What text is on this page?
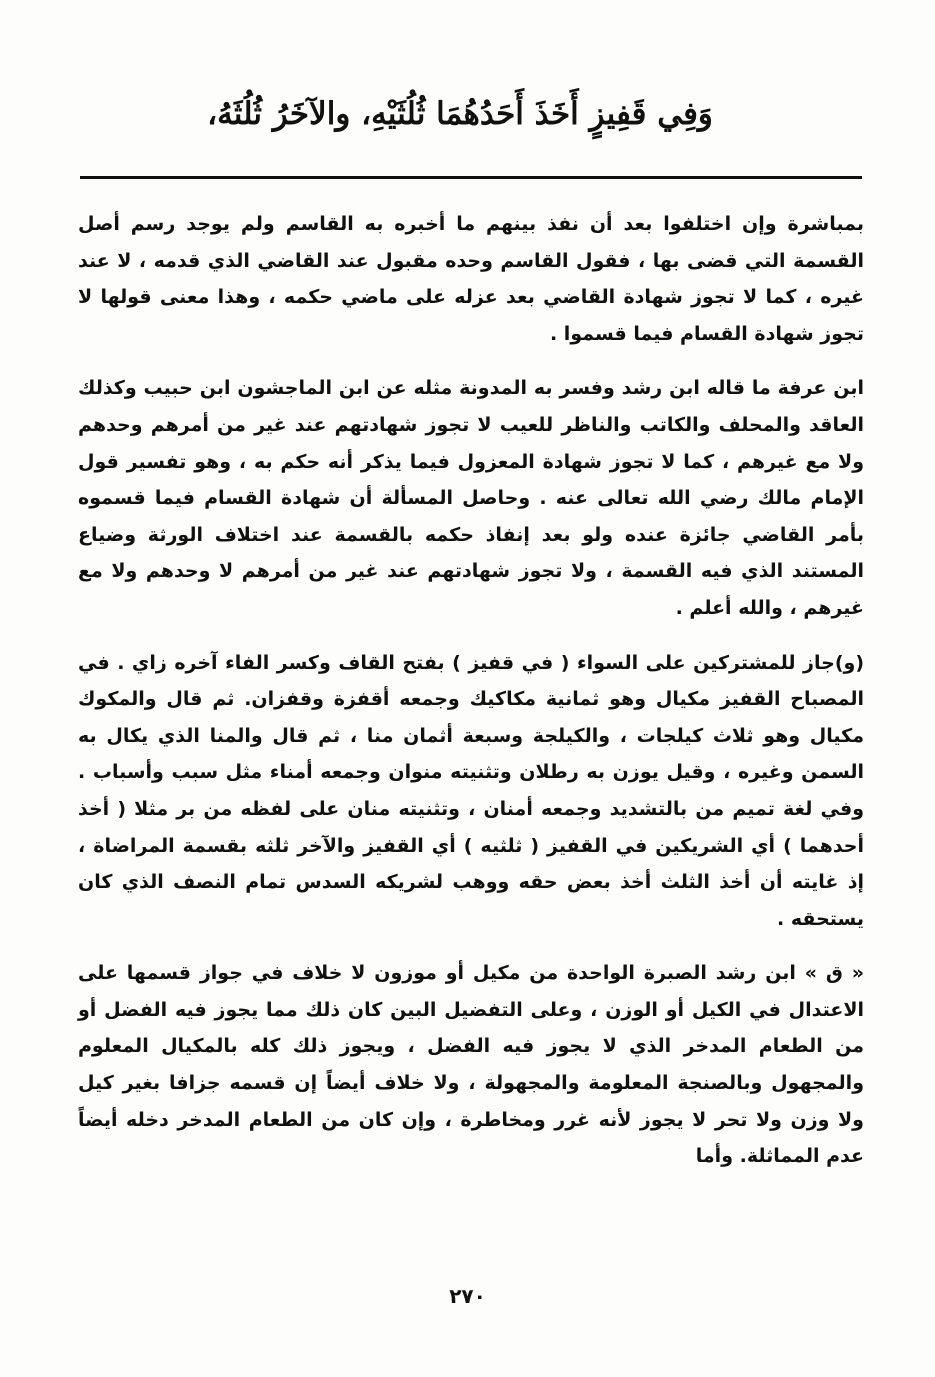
وَفِي قَفِيزٍ أَخَذَ أَحَدُهُمَا ثُلُثَيْهِ، والآخَرُ ثُلُثَهُ،

بمباشرة وإن اختلفوا بعد أن نفذ بينهم ما أخبره به القاسم ولم يوجد رسم أصل القسمة التي قضى بها ، فقول القاسم وحده مقبول عند القاضي الذي قدمه ، لا عند غيره ، كما لا تجوز شهادة القاضي بعد عزله على ماضي حكمه ، وهذا معنى قولها لا تجوز شهادة القسام فيما قسموا .

ابن عرفة ما قاله ابن رشد وفسر به المدونة مثله عن ابن الماجشون ابن حبيب وكذلك العاقد والمحلف والكاتب والناظر للعيب لا تجوز شهادتهم عند غير من أمرهم وحدهم ولا مع غيرهم ، كما لا تجوز شهادة المعزول فيما يذكر أنه حكم به ، وهو تفسير قول الإمام مالك رضي الله تعالى عنه . وحاصل المسألة أن شهادة القسام فيما قسموه بأمر القاضي جائزة عنده ولو بعد إنفاذ حكمه بالقسمة عند اختلاف الورثة وضياع المستند الذي فيه القسمة ، ولا تجوز شهادتهم عند غير من أمرهم لا وحدهم ولا مع غيرهم ، والله أعلم .

(و)جاز للمشتركين على السواء ( في قفيز ) بفتح القاف وكسر الفاء آخره زاي . في المصباح القفيز مكيال وهو ثمانية مكاكيك وجمعه أقفزة وقفزان. ثم قال والمكوك مكيال وهو ثلاث كيلجات ، والكيلجة وسبعة أثمان منا ، ثم قال والمنا الذي يكال به السمن وغيره ، وقيل يوزن به رطلان وتثنيته منوان وجمعه أمناء مثل سبب وأسباب . وفي لغة تميم من بالتشديد وجمعه أمنان ، وتثنيته منان على لفظه من بر مثلا ( أخذ أحدهما ) أي الشريكين في القفيز ( ثلثيه ) أي القفيز والآخر ثلثه بقسمة المراضاة ، إذ غايته أن أخذ الثلث أخذ بعض حقه ووهب لشريكه السدس تمام النصف الذي كان يستحقه .

« ق » ابن رشد الصبرة الواحدة من مكيل أو موزون لا خلاف في جواز قسمها على الاعتدال في الكيل أو الوزن ، وعلى التفضيل البين كان ذلك مما يجوز فيه الفضل أو من الطعام المدخر الذي لا يجوز فيه الفضل ، ويجوز ذلك كله بالمكيال المعلوم والمجهول وبالصنجة المعلومة والمجهولة ، ولا خلاف أيضاً إن قسمه جزافا بغير كيل ولا وزن ولا تحر لا يجوز لأنه غرر ومخاطرة ، وإن كان من الطعام المدخر دخله أيضاً عدم المماثلة. وأما

٢٧٠
